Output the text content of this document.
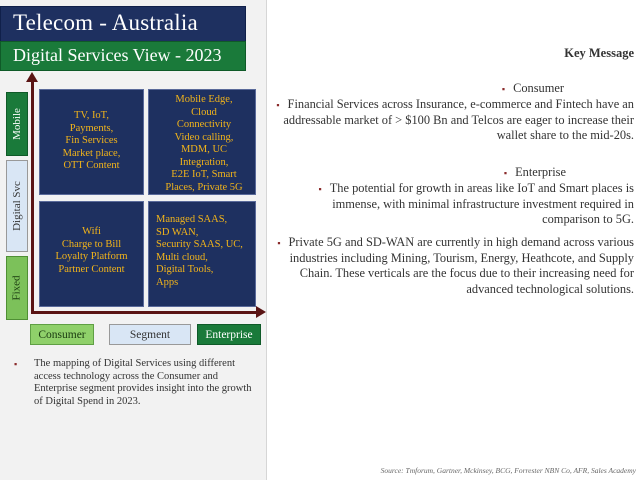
Telecom - Australia
Digital Services View - 2023
Mobile
Digital Svc
Fixed
TV, IoT,
Payments,
Fin Services
Market place,
OTT Content
Mobile Edge,
Cloud
Connectivity
Video calling,
MDM, UC
Integration,
E2E IoT, Smart
Places, Private 5G
Wifi
Charge to Bill
Loyalty Platform
Partner Content
Managed SAAS,
SD WAN,
Security SAAS, UC,
Multi cloud,
Digital Tools,
Apps
Consumer	Segment	Enterprise
▪ The mapping of Digital Services using different access technology across the Consumer and Enterprise segment provides insight into the growth of Digital Spend in 2023.
Key Message
▪ Consumer
▪ Financial Services across Insurance, e-commerce and Fintech have an addressable market of > $100 Bn and Telcos are eager to increase their wallet share to the mid-20s.
▪ Enterprise
▪ The potential for growth in areas like IoT and Smart places is immense, with minimal infrastructure investment required in comparison to 5G.
▪ Private 5G and SD-WAN are currently in high demand across various industries including Mining, Tourism, Energy, Heathcote, and Supply Chain. These verticals are the focus due to their increasing need for advanced technological solutions.
Source: Tmforum, Gartner, Mckinsey, BCG, Forrester NBN Co, AFR, Sales Academy
